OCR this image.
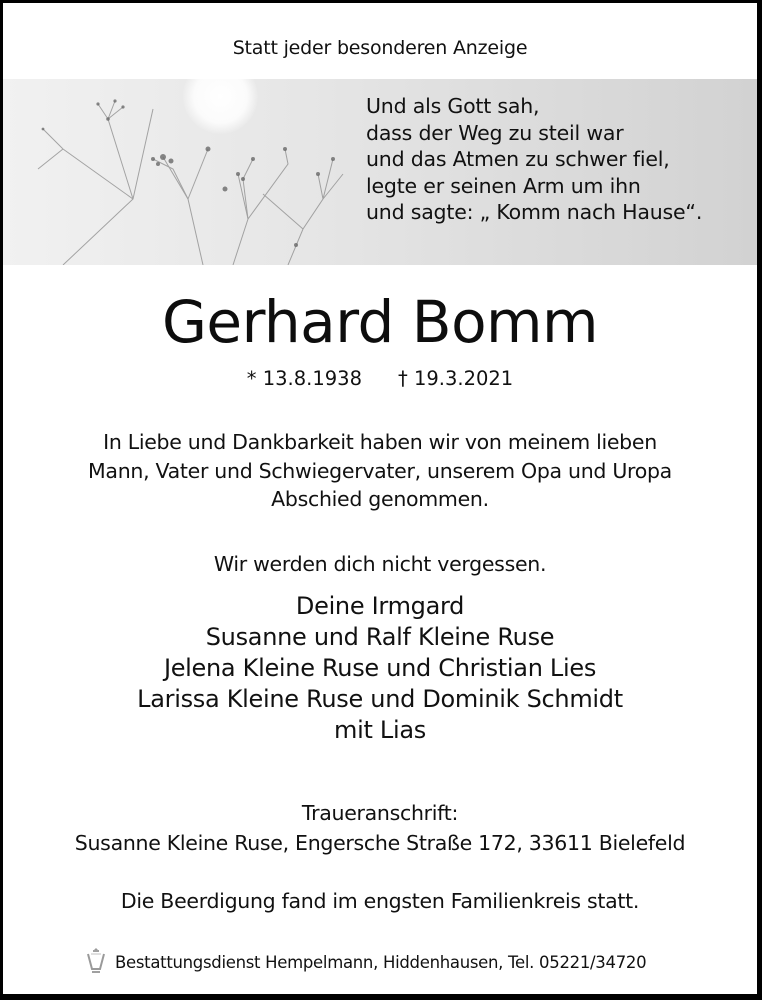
Statt jeder besonderen Anzeige
Und als Gott sah,
dass der Weg zu steil war
und das Atmen zu schwer fiel,
legte er seinen Arm um ihn
und sagte: „ Komm nach Hause“.
Gerhard Bomm
* 13.8.1938 † 19.3.2021
In Liebe und Dankbarkeit haben wir von meinem lieben
Mann, Vater und Schwiegervater, unserem Opa und Uropa
Abschied genommen.
Wir werden dich nicht vergessen.
Deine Irmgard
Susanne und Ralf Kleine Ruse
Jelena Kleine Ruse und Christian Lies
Larissa Kleine Ruse und Dominik Schmidt
mit Lias
Traueranschrift:
Susanne Kleine Ruse, Engersche Straße 172, 33611 Bielefeld
Die Beerdigung fand im engsten Familienkreis statt.
Bestattungsdienst Hempelmann, Hiddenhausen, Tel. 05221/34720
